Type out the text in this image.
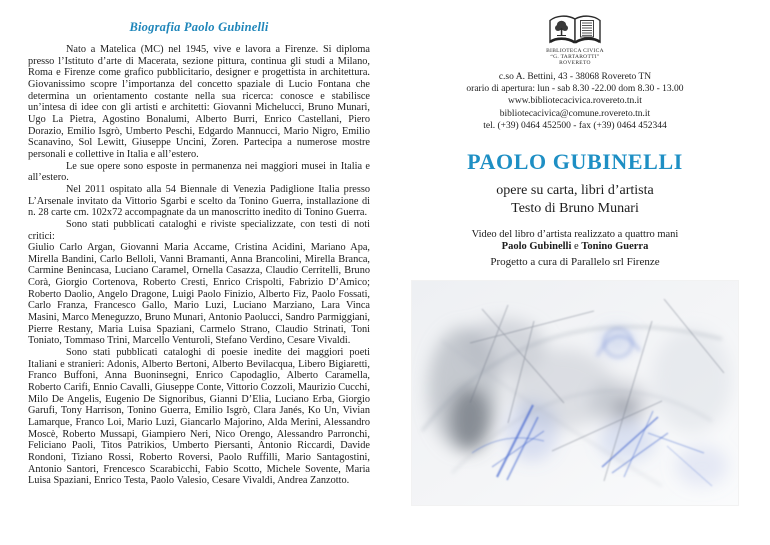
Biografia Paolo Gubinelli

Nato a Matelica (MC) nel 1945, vive e lavora a Firenze. Si diploma presso l’Istituto d’arte di Macerata, sezione pittura, continua gli studi a Milano, Roma e Firenze come grafico pubblicitario, designer e progettista in architettura. Giovanissimo scopre l’importanza del concetto spaziale di Lucio Fontana che determina un orientamento costante nella sua ricerca: conosce e stabilisce un’intesa di idee con gli artisti e architetti: Giovanni Michelucci, Bruno Munari, Ugo La Pietra, Agostino Bonalumi, Alberto Burri, Enrico Castellani, Piero Dorazio, Emilio Isgrò, Umberto Peschi, Edgardo Mannucci, Mario Nigro, Emilio Scanavino, Sol Lewitt, Giuseppe Uncini, Zoren. Partecipa a numerose mostre personali e collettive in Italia e all’estero.

Le sue opere sono esposte in permanenza nei maggiori musei in Italia e all’estero.

Nel 2011 ospitato alla 54 Biennale di Venezia Padiglione Italia presso L’Arsenale invitato da Vittorio Sgarbi e scelto da Tonino Guerra, installazione di n. 28 carte cm. 102x72 accompagnate da un manoscritto inedito di Tonino Guerra.

Sono stati pubblicati cataloghi e riviste specializzate, con testi di noti critici:

Giulio Carlo Argan, Giovanni Maria Accame, Cristina Acidini, Mariano Apa, Mirella Bandini, Carlo Belloli, Vanni Bramanti, Anna Brancolini, Mirella Branca, Carmine Benincasa, Luciano Caramel, Ornella Casazza, Claudio Cerritelli, Bruno Corà, Giorgio Cortenova, Roberto Cresti, Enrico Crispolti, Fabrizio D’Amico; Roberto Daolio, Angelo Dragone, Luigi Paolo Finizio, Alberto Fiz, Paolo Fossati, Carlo Franza, Francesco Gallo, Mario Luzi, Luciano Marziano, Lara Vinca Masini, Marco Meneguzzo, Bruno Munari, Antonio Paolucci, Sandro Parmiggiani, Pierre Restany, Maria Luisa Spaziani, Carmelo Strano, Claudio Strinati, Toni Toniato, Tommaso Trini, Marcello Venturoli, Stefano Verdino, Cesare Vivaldi.

Sono stati pubblicati cataloghi di poesie inedite dei maggiori poeti Italiani e stranieri: Adonis, Alberto Bertoni, Alberto Bevilacqua, Libero Bigiaretti, Franco Buffoni, Anna Buoninsegni, Enrico Capodaglio, Alberto Caramella, Roberto Carifi, Ennio Cavalli, Giuseppe Conte, Vittorio Cozzoli, Maurizio Cucchi, Milo De Angelis, Eugenio De Signoribus, Gianni D’Elia, Luciano Erba, Giorgio Garufi, Tony Harrison, Tonino Guerra, Emilio Isgrò, Clara Janés, Ko Un, Vivian Lamarque, Franco Loi, Mario Luzi, Giancarlo Majorino, Alda Merini, Alessandro Moscè, Roberto Mussapi, Giampiero Neri, Nico Orengo, Alessandro Parronchi, Feliciano Paoli, Titos Patrikios, Umberto Piersanti, Antonio Riccardi, Davide Rondoni, Tiziano Rossi, Roberto Roversi, Paolo Ruffilli, Mario Santagostini, Antonio Santori, Frencesco Scarabicchi, Fabio Scotto, Michele Sovente, Maria Luisa Spaziani, Enrico Testa, Paolo Valesio, Cesare Vivaldi, Andrea Zanzotto.

BIBLIOTECA CIVICA
“G. TARTAROTTI”
ROVERETO
c.so A. Bettini, 43 - 38068 Rovereto TN
orario di apertura: lun - sab 8.30 -22.00 dom 8.30 - 13.00
www.bibliotecacivica.rovereto.tn.it
bibliotecacivica@comune.rovereto.tn.it
tel. (+39) 0464 452500 - fax (+39) 0464 452344
PAOLO GUBINELLI
opere su carta, libri d’artista
Testo di Bruno Munari
Video del libro d’artista realizzato a quattro mani
Paolo Gubinelli e Tonino Guerra
Progetto a cura di Parallelo srl Firenze
